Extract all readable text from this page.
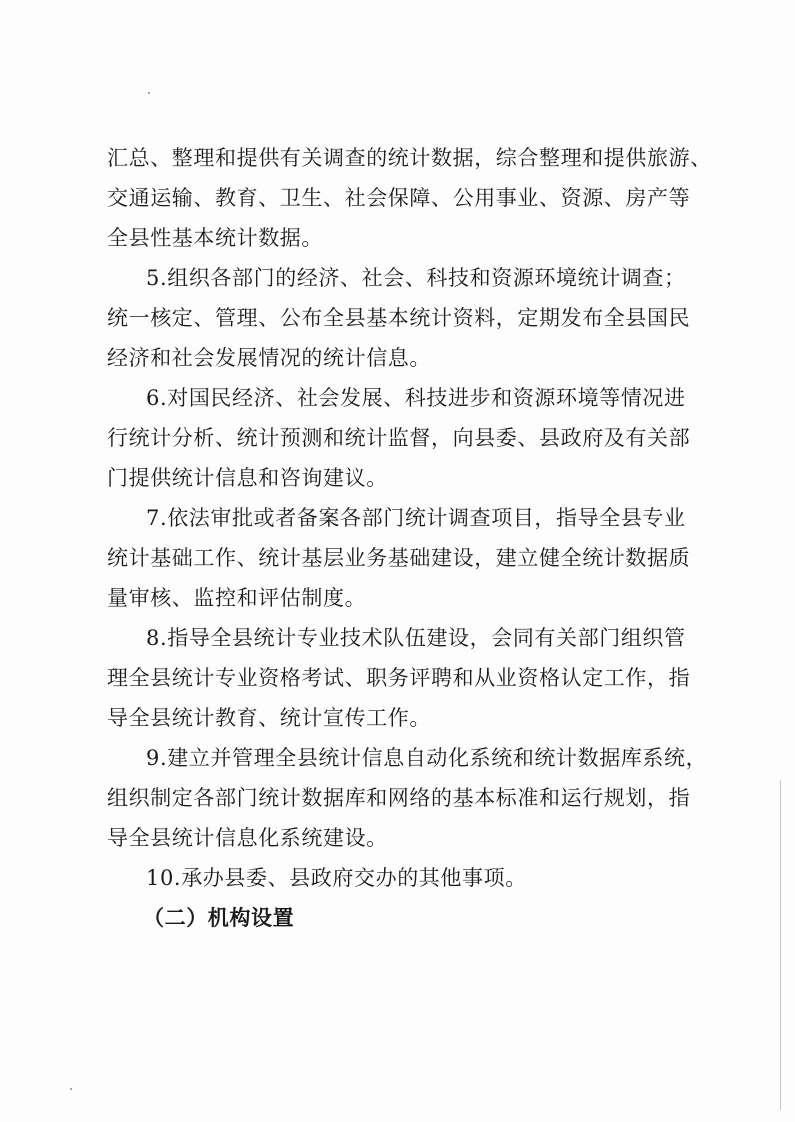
汇总、整理和提供有关调查的统计数据，综合整理和提供旅游、
交通运输、教育、卫生、社会保障、公用事业、资源、房产等
全县性基本统计数据。
5.组织各部门的经济、社会、科技和资源环境统计调查；
统一核定、管理、公布全县基本统计资料，定期发布全县国民
经济和社会发展情况的统计信息。
6.对国民经济、社会发展、科技进步和资源环境等情况进
行统计分析、统计预测和统计监督，向县委、县政府及有关部
门提供统计信息和咨询建议。
7.依法审批或者备案各部门统计调查项目，指导全县专业
统计基础工作、统计基层业务基础建设，建立健全统计数据质
量审核、监控和评估制度。
8.指导全县统计专业技术队伍建设，会同有关部门组织管
理全县统计专业资格考试、职务评聘和从业资格认定工作，指
导全县统计教育、统计宣传工作。
9.建立并管理全县统计信息自动化系统和统计数据库系统，
组织制定各部门统计数据库和网络的基本标准和运行规划，指
导全县统计信息化系统建设。
10.承办县委、县政府交办的其他事项。
（二）机构设置
